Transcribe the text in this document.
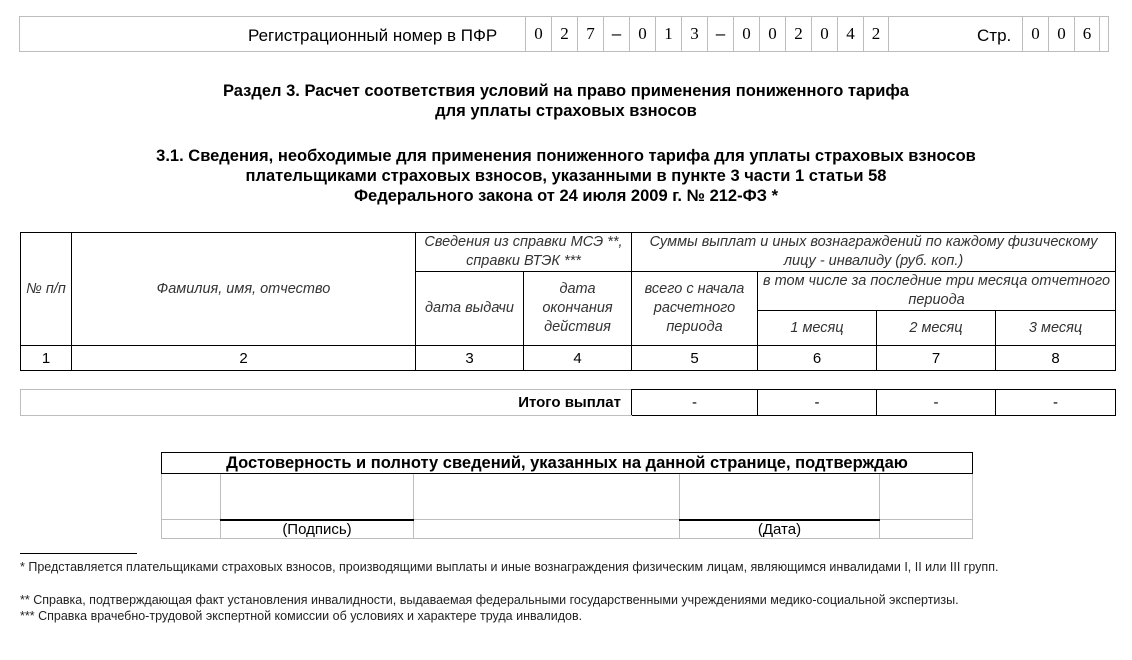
Регистрационный номер в ПФР	0	2	7	–	0	1	3	–	0	0	2	0	4	2	Стр.	0	0	6
Раздел 3. Расчет соответствия условий на право применения пониженного тарифа
для уплаты страховых взносов
3.1. Сведения, необходимые для применения пониженного тарифа для уплаты страховых взносов
плательщиками страховых взносов, указанными в пункте 3 части 1 статьи 58
Федерального закона от 24 июля 2009 г. № 212-ФЗ *
№ п/п	Фамилия, имя, отчество	Сведения из справки МСЭ **, справки ВТЭК ***		Суммы выплат и иных вознаграждений по каждому физическому лицу - инвалиду (руб. коп.)			
		дата выдачи	дата окончания действия	всего с начала расчетного периода	в том числе за последние три месяца отчетного периода		
					1 месяц	2 месяц	3 месяц
1	2	3	4	5	6	7	8
Итого выплат	-	-	-	-
Достоверность и полноту сведений, указанных на данной странице, подтверждаю				

	(Подпись)		(Дата)	
* Представляется плательщиками страховых взносов, производящими выплаты и иные вознаграждения физическим лицам, являющимся инвалидами I, II или III групп.
** Справка, подтверждающая факт установления инвалидности, выдаваемая федеральными государственными учреждениями медико-социальной экспертизы.
*** Справка врачебно-трудовой экспертной комиссии об условиях и характере труда инвалидов.
